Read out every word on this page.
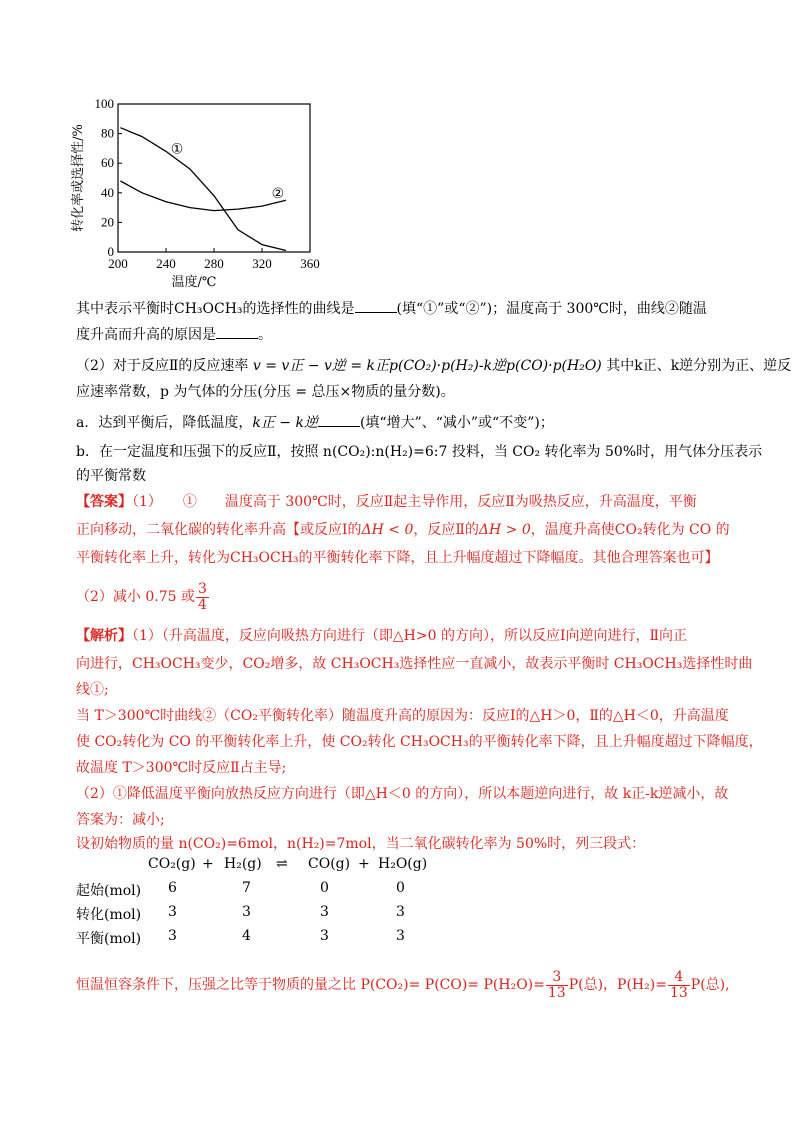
200 240 280 320 360
0
20
40
60
80
100
温度/℃
转化率或选择性/%	①
②
其中表示平衡时CH₃OCH₃的选择性的曲线是	(填“①”或“②”)；温度高于 300℃时，曲线②随温
度升高而升高的原因是	。
（2）对于反应Ⅱ的反应速率 v = v正 − v逆 = k正p(CO₂)·p(H₂)-k逆p(CO)·p(H₂O) 其中k正、k逆分别为正、逆反
应速率常数，p 为气体的分压(分压 = 总压×物质的量分数)。
a．达到平衡后，降低温度，k正 − k逆	(填“增大”、“减小”或“不变”)；
b．在一定温度和压强下的反应Ⅱ，按照 n(CO₂):n(H₂)=6:7 投料，当 CO₂ 转化率为 50%时，用气体分压表示
的平衡常数
【答案】（1）　　①　　温度高于 300℃时，反应Ⅱ起主导作用，反应Ⅱ为吸热反应，升高温度，平衡
正向移动，二氧化碳的转化率升高【或反应Ⅰ的ΔH < 0，反应Ⅱ的ΔH > 0，温度升高使CO₂转化为 CO 的
平衡转化率上升，转化为CH₃OCH₃的平衡转化率下降，且上升幅度超过下降幅度。其他合理答案也可】
（2）减小 0.75 或 $\frac{3}{4}$
【解析】（1）（升高温度，反应向吸热方向进行（即△H>0 的方向），所以反应Ⅰ向逆向进行，Ⅱ向正
向进行，CH₃OCH₃变少，CO₂增多，故 CH₃OCH₃选择性应一直减小，故表示平衡时 CH₃OCH₃选择性时曲
线①;
当 T＞300℃时曲线②（CO₂平衡转化率）随温度升高的原因为：反应Ⅰ的△H＞0，Ⅱ的△H＜0，升高温度
使 CO₂转化为 CO 的平衡转化率上升，使 CO₂转化 CH₃OCH₃的平衡转化率下降，且上升幅度超过下降幅度，
故温度 T＞300℃时反应Ⅱ占主导;
（2）①降低温度平衡向放热反应方向进行（即△H＜0 的方向），所以本题逆向进行，故 k正-k逆减小，故
答案为：减小;
设初始物质的量 n(CO₂)=6mol，n(H₂)=7mol，当二氧化碳转化率为 50%时，列三段式：
CO₂(g) + H₂(g) ⇌ CO(g) + H₂O(g)
起始(mol) 6	7	0	0
转化(mol) 3	3	3	3
平衡(mol) 3	4	3	3
恒温恒容条件下，压强之比等于物质的量之比 $P(CO_2)= P(CO)= P(H_2O)= \frac{3}{13} P$(总)，$P(H_2)= \frac{4}{13} P$(总),
